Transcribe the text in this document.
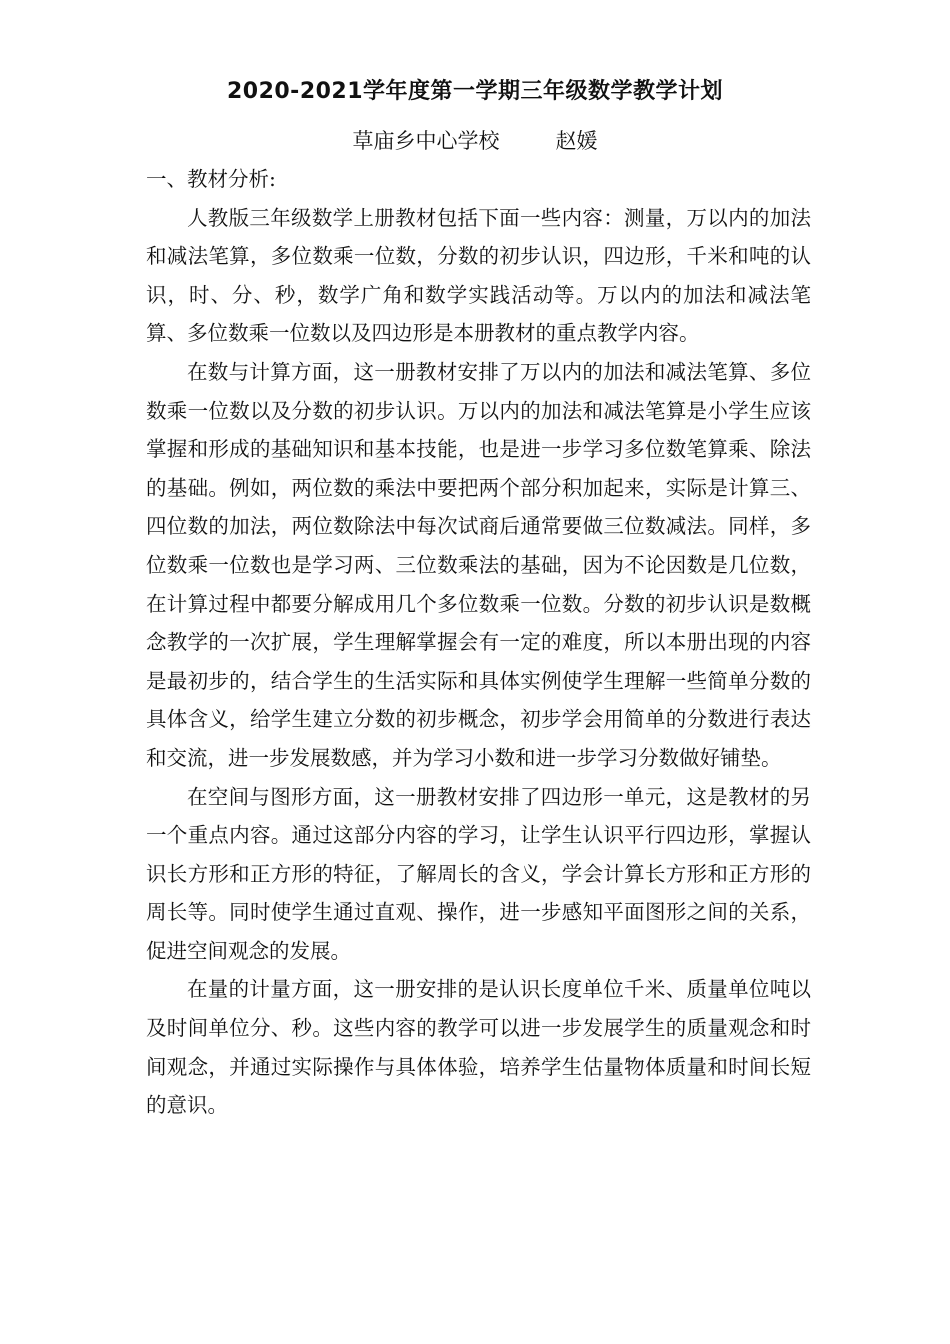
2020-2021学年度第一学期三年级数学教学计划
草庙乡中心学校	赵媛

一、教材分析:

人教版三年级数学上册教材包括下面一些内容：测量，万以内的加法和减法笔算，多位数乘一位数，分数的初步认识，四边形，千米和吨的认识，时、分、秒，数学广角和数学实践活动等。万以内的加法和减法笔算、多位数乘一位数以及四边形是本册教材的重点教学内容。

在数与计算方面，这一册教材安排了万以内的加法和减法笔算、多位数乘一位数以及分数的初步认识。万以内的加法和减法笔算是小学生应该掌握和形成的基础知识和基本技能，也是进一步学习多位数笔算乘、除法的基础。例如，两位数的乘法中要把两个部分积加起来，实际是计算三、四位数的加法，两位数除法中每次试商后通常要做三位数减法。同样，多位数乘一位数也是学习两、三位数乘法的基础，因为不论因数是几位数，在计算过程中都要分解成用几个多位数乘一位数。分数的初步认识是数概念教学的一次扩展，学生理解掌握会有一定的难度，所以本册出现的内容是最初步的，结合学生的生活实际和具体实例使学生理解一些简单分数的具体含义，给学生建立分数的初步概念，初步学会用简单的分数进行表达和交流，进一步发展数感，并为学习小数和进一步学习分数做好铺垫。

在空间与图形方面，这一册教材安排了四边形一单元，这是教材的另一个重点内容。通过这部分内容的学习，让学生认识平行四边形，掌握认识长方形和正方形的特征，了解周长的含义，学会计算长方形和正方形的周长等。同时使学生通过直观、操作，进一步感知平面图形之间的关系，促进空间观念的发展。

在量的计量方面，这一册安排的是认识长度单位千米、质量单位吨以及时间单位分、秒。这些内容的教学可以进一步发展学生的质量观念和时间观念，并通过实际操作与具体体验，培养学生估量物体质量和时间长短的意识。
